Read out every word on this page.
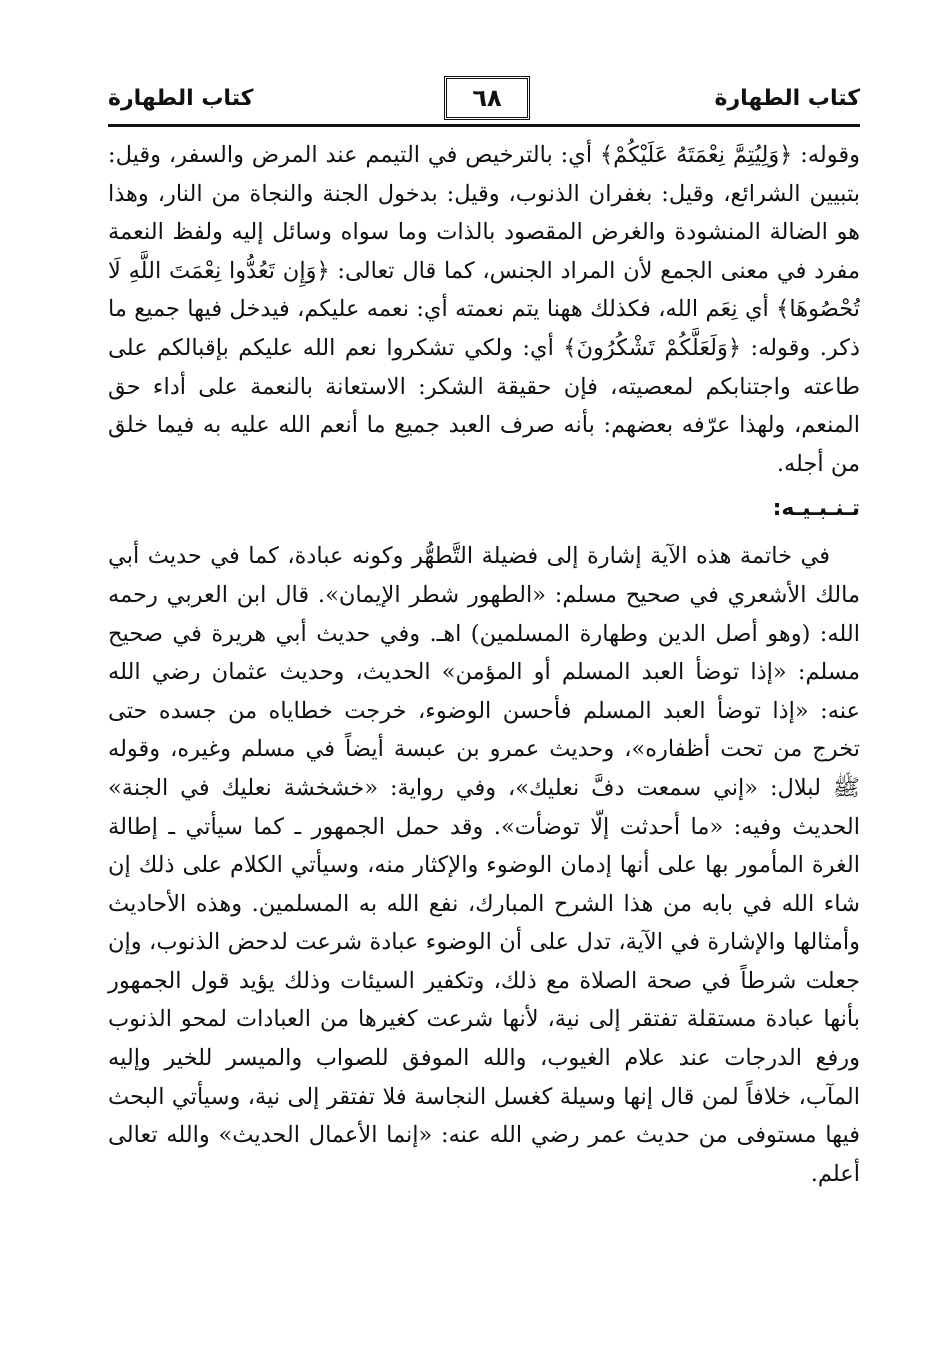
كتاب الطهارة
كتاب الطهارة	٦٨

وقوله: ﴿وَلِيُتِمَّ نِعْمَتَهُ عَلَيْكُمْ﴾ أي: بالترخيص في التيمم عند المرض والسفر، وقيل: بتبيين الشرائع، وقيل: بغفران الذنوب، وقيل: بدخول الجنة والنجاة من النار، وهذا هو الضالة المنشودة والغرض المقصود بالذات وما سواه وسائل إليه ولفظ النعمة مفرد في معنى الجمع لأن المراد الجنس، كما قال تعالى: ﴿وَإِن تَعُدُّوا نِعْمَتَ اللَّهِ لَا تُحْصُوهَا﴾ أي نِعَم الله، فكذلك ههنا يتم نعمته أي: نعمه عليكم، فيدخل فيها جميع ما ذكر. وقوله: ﴿وَلَعَلَّكُمْ تَشْكُرُونَ﴾ أي: ولكي تشكروا نعم الله عليكم بإقبالكم على طاعته واجتنابكم لمعصيته، فإن حقيقة الشكر: الاستعانة بالنعمة على أداء حق المنعم، ولهذا عرّفه بعضهم: بأنه صرف العبد جميع ما أنعم الله عليه به فيما خلق من أجله.

تـنـبـيـه:

في خاتمة هذه الآية إشارة إلى فضيلة التَّطهُّر وكونه عبادة، كما في حديث أبي مالك الأشعري في صحيح مسلم: «الطهور شطر الإيمان». قال ابن العربي رحمه الله: (وهو أصل الدين وطهارة المسلمين) اهـ. وفي حديث أبي هريرة في صحيح مسلم: «إذا توضأ العبد المسلم أو المؤمن» الحديث، وحديث عثمان رضي الله عنه: «إذا توضأ العبد المسلم فأحسن الوضوء، خرجت خطاياه من جسده حتى تخرج من تحت أظفاره»، وحديث عمرو بن عبسة أيضاً في مسلم وغيره، وقوله ﷺ لبلال: «إني سمعت دفَّ نعليك»، وفي رواية: «خشخشة نعليك في الجنة» الحديث وفيه: «ما أحدثت إلّا توضأت». وقد حمل الجمهور ـ كما سيأتي ـ إطالة الغرة المأمور بها على أنها إدمان الوضوء والإكثار منه، وسيأتي الكلام على ذلك إن شاء الله في بابه من هذا الشرح المبارك، نفع الله به المسلمين. وهذه الأحاديث وأمثالها والإشارة في الآية، تدل على أن الوضوء عبادة شرعت لدحض الذنوب، وإن جعلت شرطاً في صحة الصلاة مع ذلك، وتكفير السيئات وذلك يؤيد قول الجمهور بأنها عبادة مستقلة تفتقر إلى نية، لأنها شرعت كغيرها من العبادات لمحو الذنوب ورفع الدرجات عند علام الغيوب، والله الموفق للصواب والميسر للخير وإليه المآب، خلافاً لمن قال إنها وسيلة كغسل النجاسة فلا تفتقر إلى نية، وسيأتي البحث فيها مستوفى من حديث عمر رضي الله عنه: «إنما الأعمال الحديث» والله تعالى أعلم.
